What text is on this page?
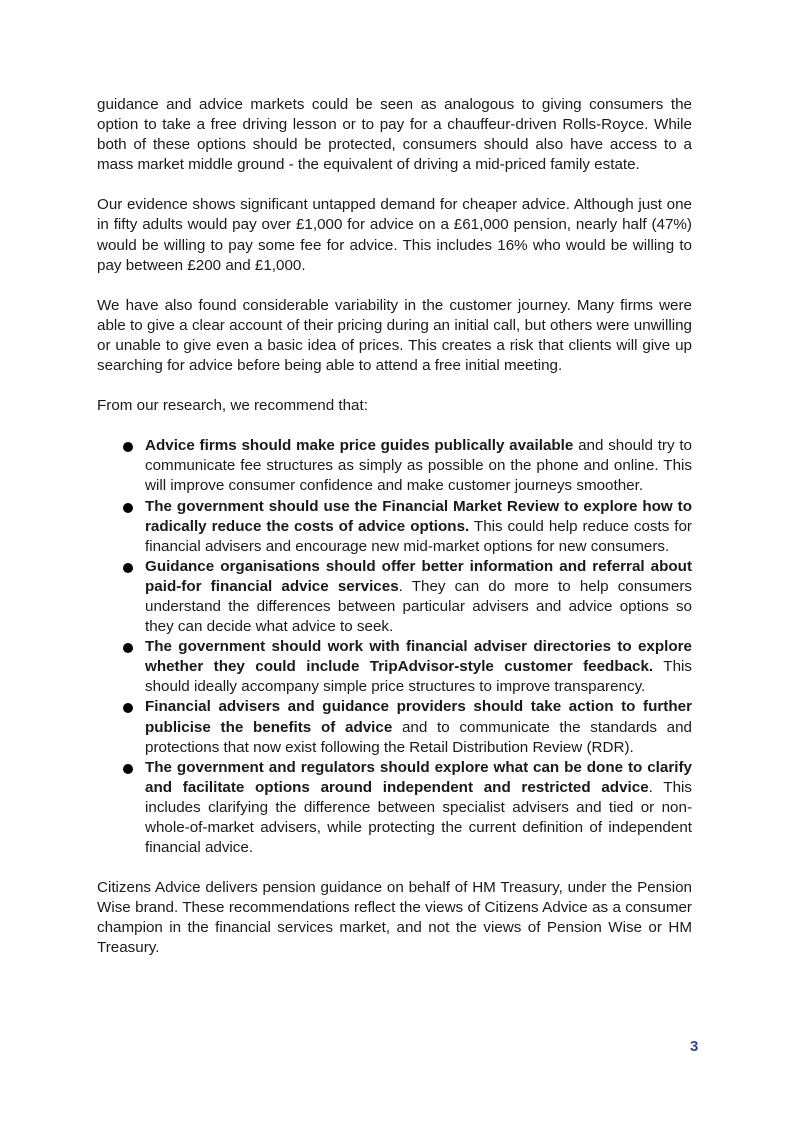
guidance and advice markets could be seen as analogous to giving consumers the option to take a free driving lesson or to pay for a chauffeur-driven Rolls-Royce. While both of these options should be protected, consumers should also have access to a mass market middle ground - the equivalent of driving a mid-priced family estate.

Our evidence shows significant untapped demand for cheaper advice. Although just one in fifty adults would pay over £1,000 for advice on a £61,000 pension, nearly half (47%) would be willing to pay some fee for advice. This includes 16% who would be willing to pay between £200 and £1,000.

We have also found considerable variability in the customer journey. Many firms were able to give a clear account of their pricing during an initial call, but others were unwilling or unable to give even a basic idea of prices. This creates a risk that clients will give up searching for advice before being able to attend a free initial meeting.

From our research, we recommend that:

Advice firms should make price guides publically available and should try to communicate fee structures as simply as possible on the phone and online. This will improve consumer confidence and make customer journeys smoother.
The government should use the Financial Market Review to explore how to radically reduce the costs of advice options. This could help reduce costs for financial advisers and encourage new mid-market options for new consumers.
Guidance organisations should offer better information and referral about paid-for financial advice services. They can do more to help consumers understand the differences between particular advisers and advice options so they can decide what advice to seek.
The government should work with financial adviser directories to explore whether they could include TripAdvisor-style customer feedback. This should ideally accompany simple price structures to improve transparency.
Financial advisers and guidance providers should take action to further publicise the benefits of advice and to communicate the standards and protections that now exist following the Retail Distribution Review (RDR).
The government and regulators should explore what can be done to clarify and facilitate options around independent and restricted advice. This includes clarifying the difference between specialist advisers and tied or non-whole-of-market advisers, while protecting the current definition of independent financial advice.

Citizens Advice delivers pension guidance on behalf of HM Treasury, under the Pension Wise brand. These recommendations reflect the views of Citizens Advice as a consumer champion in the financial services market, and not the views of Pension Wise or HM Treasury.

3
